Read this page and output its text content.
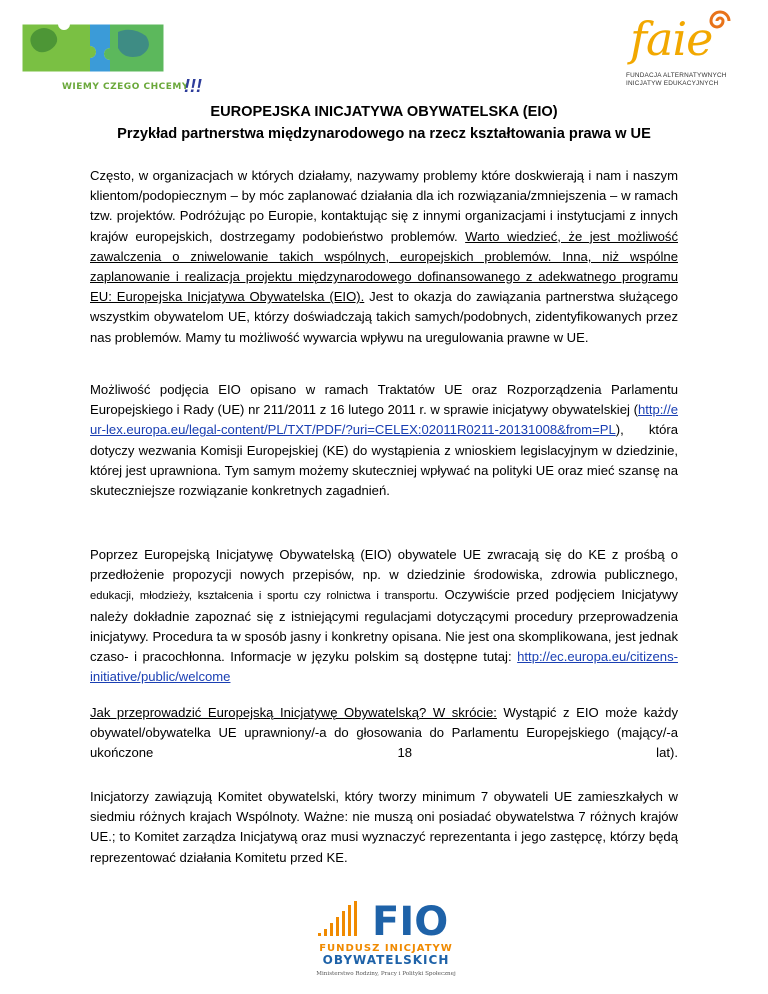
WIEMY CZEGO CHCEMY
!!!
faie
FUNDACJA ALTERNATYWNYCH
INICJATYW EDUKACYJNYCH
EUROPEJSKA INICJATYWA OBYWATELSKA (EIO)
Przykład partnerstwa międzynarodowego na rzecz kształtowania prawa w UE
Często, w organizacjach w których działamy, nazywamy problemy które doskwierają i nam i naszym klientom/podopiecznym – by móc zaplanować działania dla ich rozwiązania/zmniejszenia – w ramach tzw. projektów. Podróżując po Europie, kontaktując się z innymi organizacjami i instytucjami z innych krajów europejskich, dostrzegamy podobieństwo problemów. Warto wiedzieć, że jest możliwość zawalczenia o zniwelowanie takich wspólnych, europejskich problemów. Inna, niż wspólne zaplanowanie i realizacja projektu międzynarodowego dofinansowanego z adekwatnego programu EU: Europejska Inicjatywa Obywatelska (EIO). Jest to okazja do zawiązania partnerstwa służącego wszystkim obywatelom UE, którzy doświadczają takich samych/podobnych, zidentyfikowanych przez nas problemów. Mamy tu możliwość wywarcia wpływu na uregulowania prawne w UE.
Możliwość podjęcia EIO opisano w ramach Traktatów UE oraz Rozporządzenia Parlamentu Europejskiego i Rady (UE) nr 211/2011 z 16 lutego 2011 r. w sprawie inicjatywy obywatelskiej (http://eur-lex.europa.eu/legal-content/PL/TXT/PDF/?uri=CELEX:02011R0211-20131008&from=PL), która dotyczy wezwania Komisji Europejskiej (KE) do wystąpienia z wnioskiem legislacyjnym w dziedzinie, której jest uprawniona. Tym samym możemy skuteczniej wpływać na polityki UE oraz mieć szansę na skuteczniejsze rozwiązanie konkretnych zagadnień.
Poprzez Europejską Inicjatywę Obywatelską (EIO) obywatele UE zwracają się do KE z prośbą o przedłożenie propozycji nowych przepisów, np. w dziedzinie środowiska, zdrowia publicznego, edukacji, młodzieży, kształcenia i sportu czy rolnictwa i transportu. Oczywiście przed podjęciem Inicjatywy należy dokładnie zapoznać się z istniejącymi regulacjami dotyczącymi procedury przeprowadzenia inicjatywy. Procedura ta w sposób jasny i konkretny opisana. Nie jest ona skomplikowana, jest jednak czaso- i pracochłonna. Informacje w języku polskim są dostępne tutaj: http://ec.europa.eu/citizens-initiative/public/welcome
Jak przeprowadzić Europejską Inicjatywę Obywatelską? W skrócie: Wystąpić z EIO może każdy obywatel/obywatelka UE uprawniony/-a do głosowania do Parlamentu Europejskiego (mający/-a ukończone 18 lat).
Inicjatorzy zawiązują Komitet obywatelski, który tworzy minimum 7 obywateli UE zamieszkałych w siedmiu różnych krajach Wspólnoty. Ważne: nie muszą oni posiadać obywatelstwa 7 różnych krajów UE.; to Komitet zarządza Inicjatywą oraz musi wyznaczyć reprezentanta i jego zastępcę, którzy będą reprezentować działania Komitetu przed KE.
FIO
FUNDUSZ INICJATYW
OBYWATELSKICH
Ministerstwo Rodziny, Pracy i Polityki Społecznej
